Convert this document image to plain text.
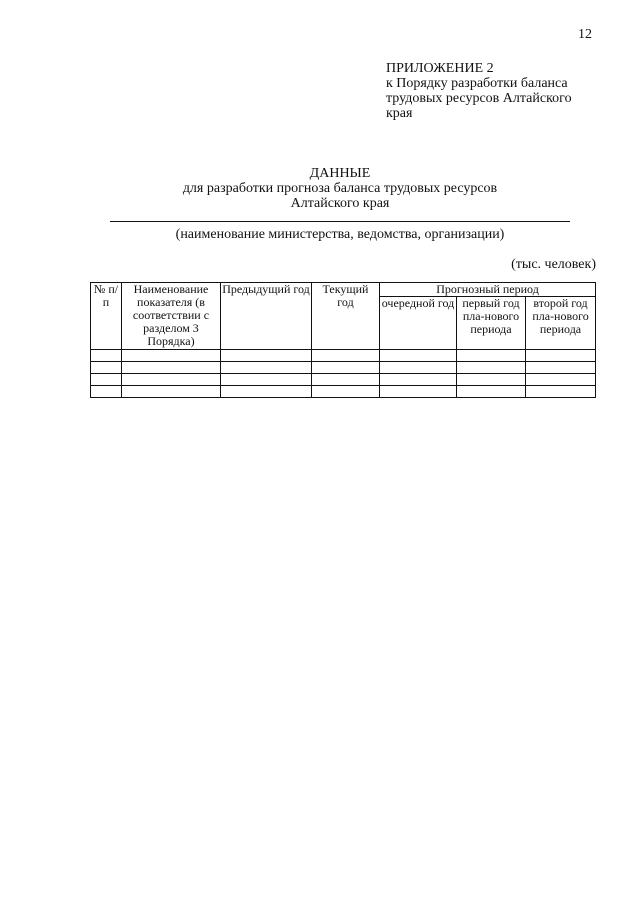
12
ПРИЛОЖЕНИЕ 2
к Порядку разработки баланса
трудовых ресурсов Алтайского
края
ДАННЫЕ
для разработки прогноза баланса трудовых ресурсов
Алтайского края
(наименование министерства, ведомства, организации)
(тыс. человек)
№ п/п	Наименование показателя (в соответствии с разделом 3 Порядка)	Предыдущий год	Текущий год	Прогнозный период		
				очередной год	первый год пла-нового периода	второй год пла-нового периода
